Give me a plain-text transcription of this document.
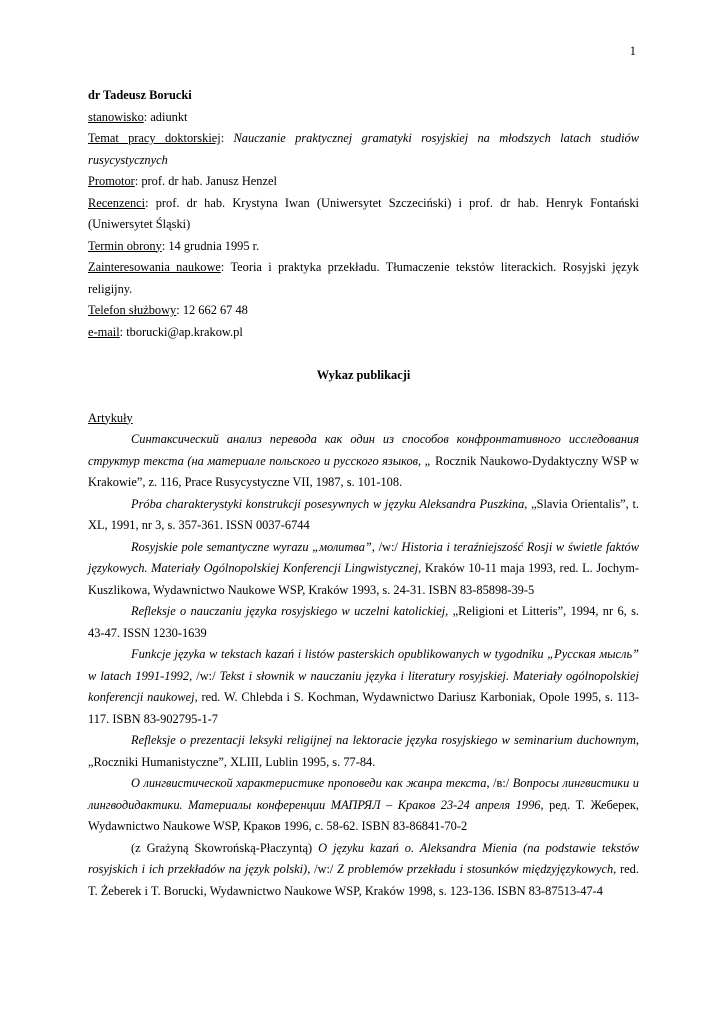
1

dr Tadeusz Borucki

stanowisko: adiunkt

Temat pracy doktorskiej: Nauczanie praktycznej gramatyki rosyjskiej na młodszych latach studiów rusycystycznych

Promotor: prof. dr hab. Janusz Henzel

Recenzenci: prof. dr hab. Krystyna Iwan (Uniwersytet Szczeciński) i prof. dr hab. Henryk Fontański (Uniwersytet Śląski)

Termin obrony: 14 grudnia 1995 r.

Zainteresowania naukowe: Teoria i praktyka przekładu. Tłumaczenie tekstów literackich. Rosyjski język religijny.

Telefon służbowy: 12 662 67 48

e-mail: tborucki@ap.krakow.pl

Wykaz publikacji

Artykuły

Синтаксический анализ перевода как один из способов конфронтативного исследования структур текста (на материале польского и русского языков, „ Rocznik Naukowo-Dydaktyczny WSP w Krakowie”, z. 116, Prace Rusycystyczne VII, 1987, s. 101-108.

Próba charakterystyki konstrukcji posesywnych w języku Aleksandra Puszkina, „Slavia Orientalis”, t. XL, 1991, nr 3, s. 357-361. ISSN 0037-6744

Rosyjskie pole semantyczne wyrazu „молитва”, /w:/ Historia i teraźniejszość Rosji w świetle faktów językowych. Materiały Ogólnopolskiej Konferencji Lingwistycznej, Kraków 10-11 maja 1993, red. L. Jochym-Kuszlikowa, Wydawnictwo Naukowe WSP, Kraków 1993, s. 24-31. ISBN 83-85898-39-5

Refleksje o nauczaniu języka rosyjskiego w uczelni katolickiej, „Religioni et Litteris”, 1994, nr 6, s. 43-47. ISSN 1230-1639

Funkcje języka w tekstach kazań i listów pasterskich opublikowanych w tygodniku „Русская мысль” w latach 1991-1992, /w:/ Tekst i słownik w nauczaniu języka i literatury rosyjskiej. Materiały ogólnopolskiej konferencji naukowej, red. W. Chlebda i S. Kochman, Wydawnictwo Dariusz Karboniak, Opole 1995, s. 113-117. ISBN 83-902795-1-7

Refleksje o prezentacji leksyki religijnej na lektoracie języka rosyjskiego w seminarium duchownym, „Roczniki Humanistyczne”, XLIII, Lublin 1995, s. 77-84.

О лингвистической характеристике проповеди как жанра текста, /в:/ Вопросы лингвистики и лингводидактики. Материалы конференции МАПРЯЛ – Краков 23-24 апреля 1996, ред. Т. Жеберек, Wydawnictwo Naukowe WSP, Краков 1996, с. 58-62. ISBN 83-86841-70-2

(z Grażyną Skowrońską-Płaczyntą) O języku kazań o. Aleksandra Mienia (na podstawie tekstów rosyjskich i ich przekładów na język polski), /w:/ Z problemów przekładu i stosunków międzyjęzykowych, red. T. Żeberek i T. Borucki, Wydawnictwo Naukowe WSP, Kraków 1998, s. 123-136. ISBN 83-87513-47-4
